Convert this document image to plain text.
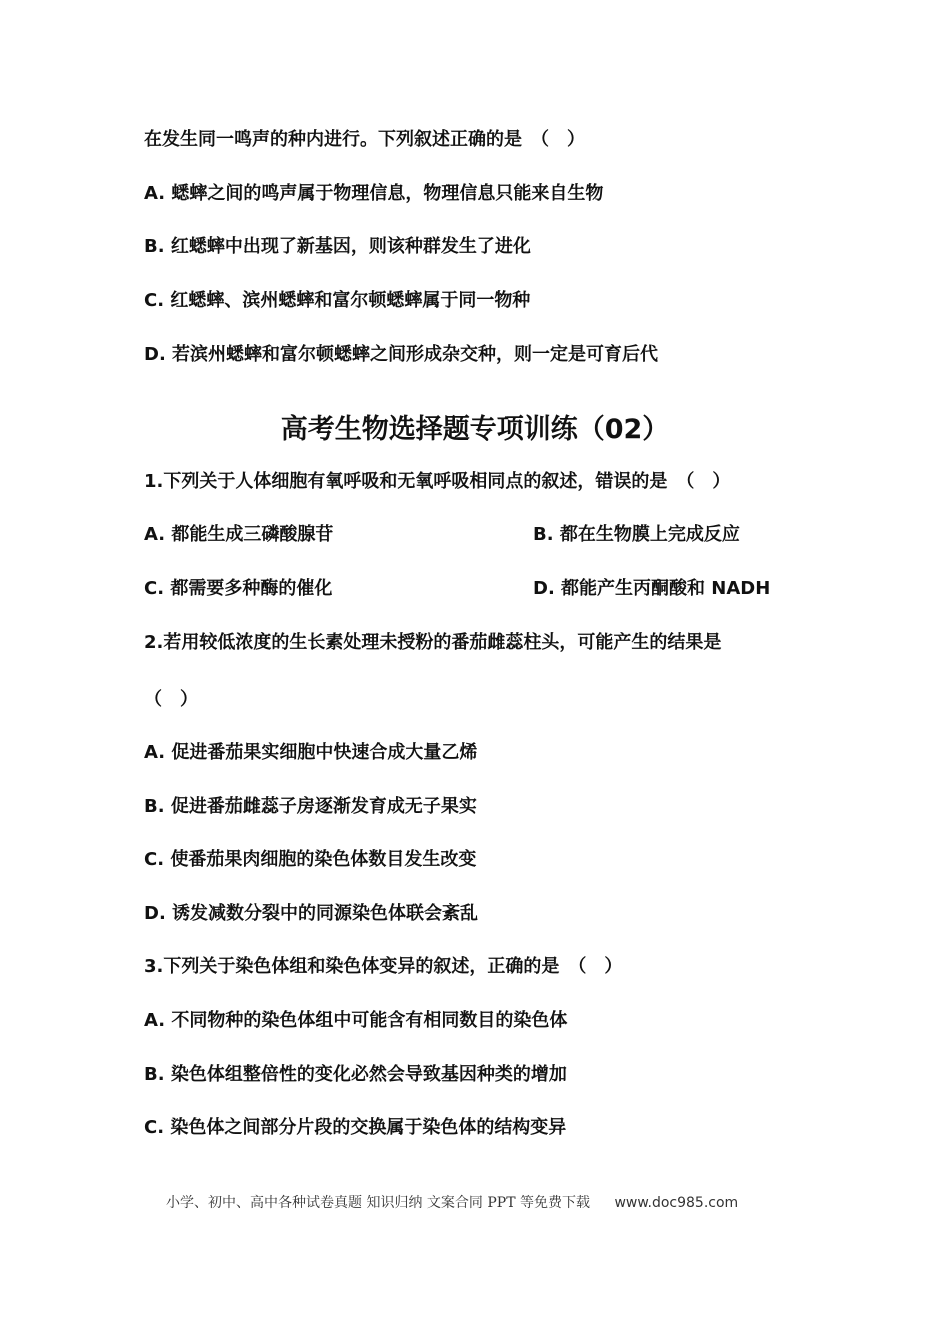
在发生同一鸣声的种内进行。下列叙述正确的是　（　）
A. 蟋蟀之间的鸣声属于物理信息，物理信息只能来自生物
B. 红蟋蟀中出现了新基因，则该种群发生了进化
C. 红蟋蟀、滨州蟋蟀和富尔顿蟋蟀属于同一物种
D. 若滨州蟋蟀和富尔顿蟋蟀之间形成杂交种，则一定是可育后代
高考生物选择题专项训练（02）
1.下列关于人体细胞有氧呼吸和无氧呼吸相同点的叙述，错误的是　（　）
A. 都能生成三磷酸腺苷	B. 都在生物膜上完成反应
C. 都需要多种酶的催化	D. 都能产生丙酮酸和 NADH
2.若用较低浓度的生长素处理未授粉的番茄雌蕊柱头，可能产生的结果是
（　）
A. 促进番茄果实细胞中快速合成大量乙烯
B. 促进番茄雌蕊子房逐渐发育成无子果实
C. 使番茄果肉细胞的染色体数目发生改变
D. 诱发减数分裂中的同源染色体联会紊乱
3.下列关于染色体组和染色体变异的叙述，正确的是　（　）
A. 不同物种的染色体组中可能含有相同数目的染色体
B. 染色体组整倍性的变化必然会导致基因种类的增加
C. 染色体之间部分片段的交换属于染色体的结构变异
小学、初中、高中各种试卷真题 知识归纳 文案合同 PPT 等免费下载 www.doc985.com
